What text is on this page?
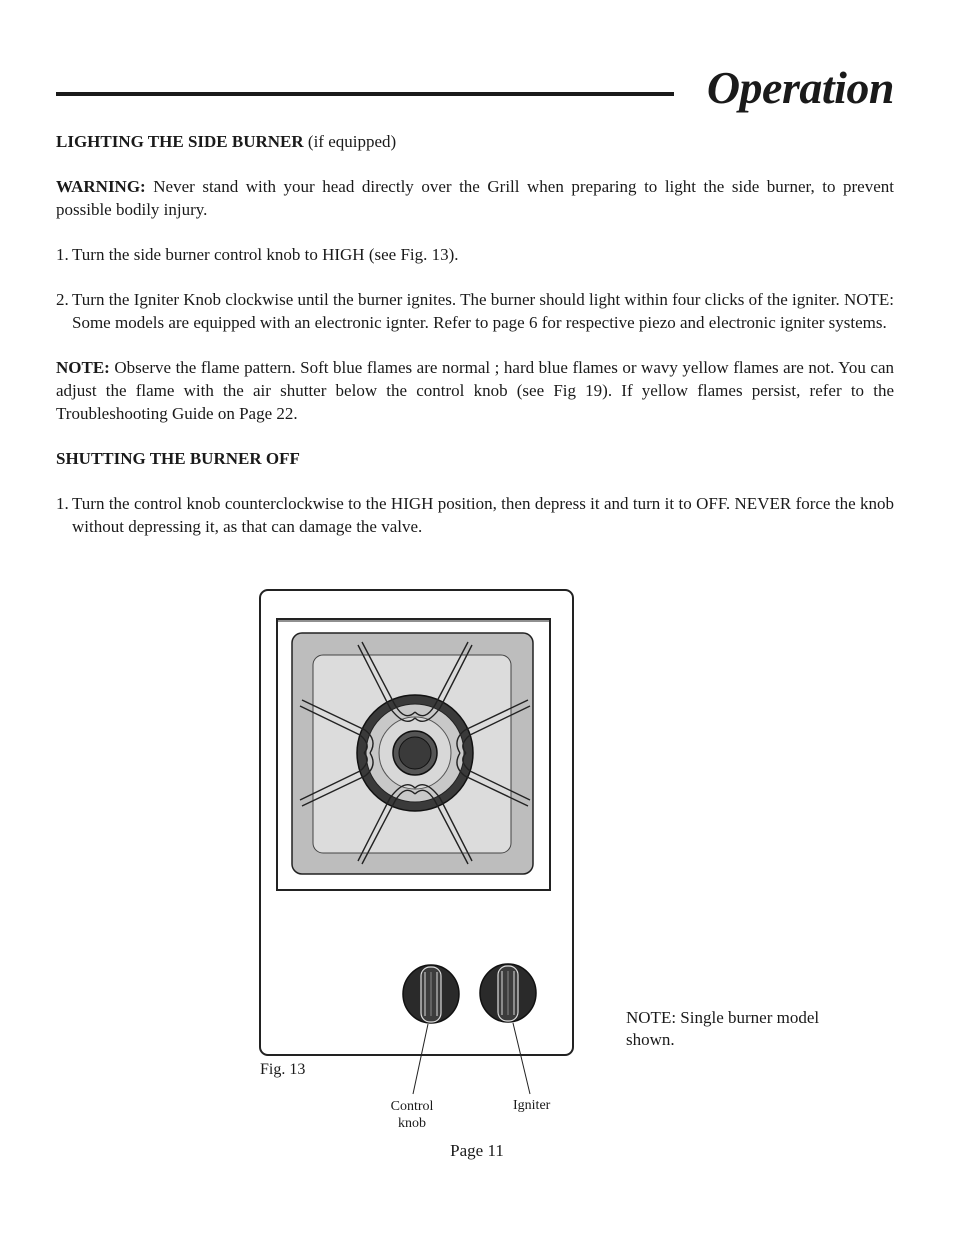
Operation

LIGHTING THE SIDE BURNER (if equipped)

WARNING: Never stand with your head directly over the Grill when preparing to light the side burner, to prevent possible bodily injury.

1. Turn the side burner control knob to HIGH (see Fig. 13).

2. Turn the Igniter Knob clockwise until the burner ignites. The burner should light within four clicks of the igniter. NOTE: Some models are equipped with an electronic ignter. Refer to page 6 for respective piezo and electronic igniter systems.

NOTE: Observe the flame pattern. Soft blue flames are normal ; hard blue flames or wavy yellow flames are not. You can adjust the flame with the air shutter below the control knob (see Fig 19). If yellow flames persist, refer to the Troubleshooting Guide on Page 22.

SHUTTING THE BURNER OFF

1. Turn the control knob counterclockwise to the HIGH position, then depress it and turn it to OFF. NEVER force the knob without depressing it, as that can damage the valve.

Fig. 13
Control
knob
Igniter
NOTE: Single burner model shown.
Page 11
